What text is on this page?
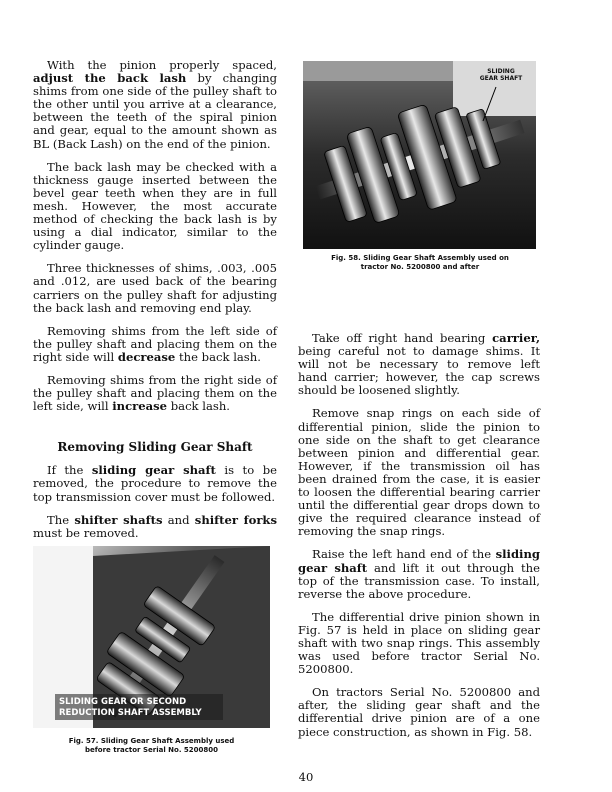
With the pinion properly spaced, adjust the back lash by changing shims from one side of the pulley shaft to the other until you arrive at a clearance, between the teeth of the spiral pinion and gear, equal to the amount shown as BL (Back Lash) on the end of the pinion.

The back lash may be checked with a thickness gauge inserted between the bevel gear teeth when they are in full mesh. However, the most accurate method of checking the back lash is by using a dial indicator, similar to the cylinder gauge.

Three thicknesses of shims, .003, .005 and .012, are used back of the bearing carriers on the pulley shaft for adjusting the back lash and removing end play.

Removing shims from the left side of the pulley shaft and placing them on the right side will decrease the back lash.

Removing shims from the right side of the pulley shaft and placing them on the left side, will increase back lash.

Removing Sliding Gear Shaft

If the sliding gear shaft is to be removed, the procedure to remove the top transmission cover must be followed.

The shifter shafts and shifter forks must be removed.

SLIDING
GEAR SHAFT
Fig. 58. Sliding Gear Shaft Assembly used on
tractor No. 5200800 and after

Take off right hand bearing carrier, being careful not to damage shims. It will not be necessary to remove left hand carrier; however, the cap screws should be loosened slightly.

Remove snap rings on each side of differential pinion, slide the pinion to one side on the shaft to get clearance between pinion and differential gear. However, if the transmission oil has been drained from the case, it is easier to loosen the differential bearing carrier until the differential gear drops down to give the required clearance instead of removing the snap rings.

Raise the left hand end of the sliding gear shaft and lift it out through the top of the transmission case. To install, reverse the above procedure.

The differential drive pinion shown in Fig. 57 is held in place on sliding gear shaft with two snap rings. This assembly was used before tractor Serial No. 5200800.

On tractors Serial No. 5200800 and after, the sliding gear shaft and the differential drive pinion are of a one piece construction, as shown in Fig. 58.

SLIDING GEAR OR SECOND
REDUCTION SHAFT ASSEMBLY
Fig. 57. Sliding Gear Shaft Assembly used
before tractor Serial No. 5200800
40
